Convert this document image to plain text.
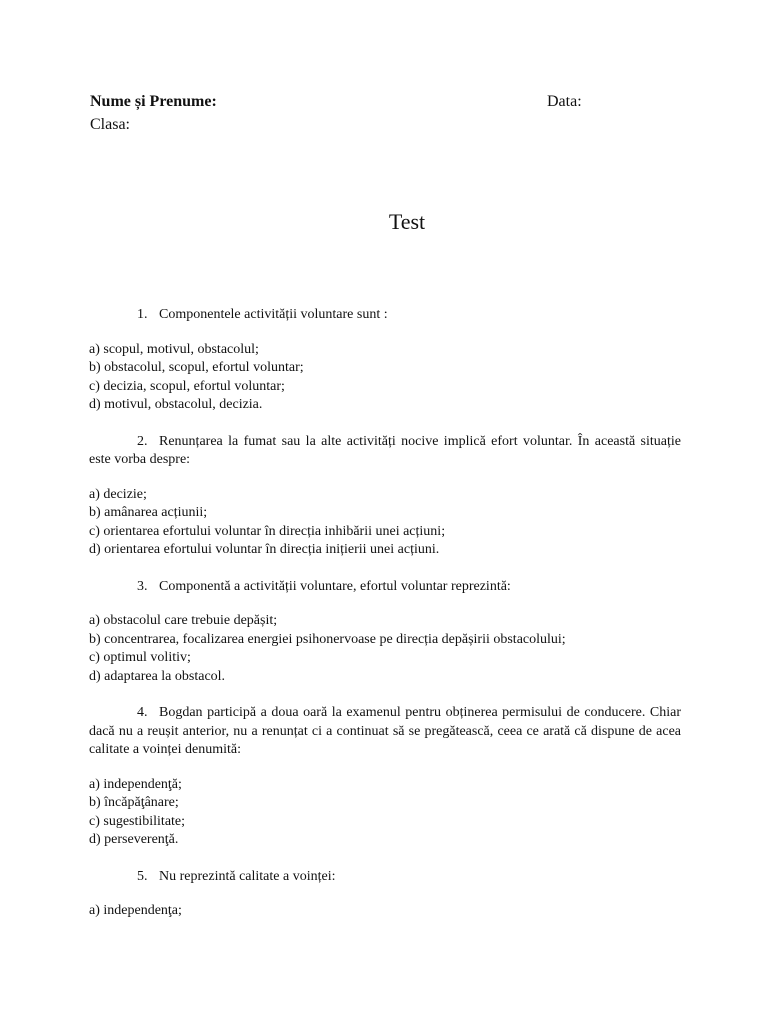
Nume și Prenume:	Data:
Clasa:
Test

1. Componentele activității voluntare sunt :

a) scopul, motivul, obstacolul;
b) obstacolul, scopul, efortul voluntar;
c) decizia, scopul, efortul voluntar;
d) motivul, obstacolul, decizia.

2. Renunțarea la fumat sau la alte activități nocive implică efort voluntar. În această situație este vorba despre:

a) decizie;
b) amânarea acțiunii;
c) orientarea efortului voluntar în direcția inhibării unei acțiuni;
d) orientarea efortului voluntar în direcția inițierii unei acțiuni.

3. Componentă a activității voluntare, efortul voluntar reprezintă:

a) obstacolul care trebuie depășit;
b) concentrarea, focalizarea energiei psihonervoase pe direcția depășirii obstacolului;
c) optimul volitiv;
d) adaptarea la obstacol.

4. Bogdan participă a doua oară la examenul pentru obținerea permisului de conducere. Chiar dacă nu a reușit anterior, nu a renunțat ci a continuat să se pregătească, ceea ce arată că dispune de acea calitate a voinței denumită:

a) independenţă;
b) încăpăţânare;
c) sugestibilitate;
d) perseverenţă.

5. Nu reprezintă calitate a voinței:

a) independenţa;
